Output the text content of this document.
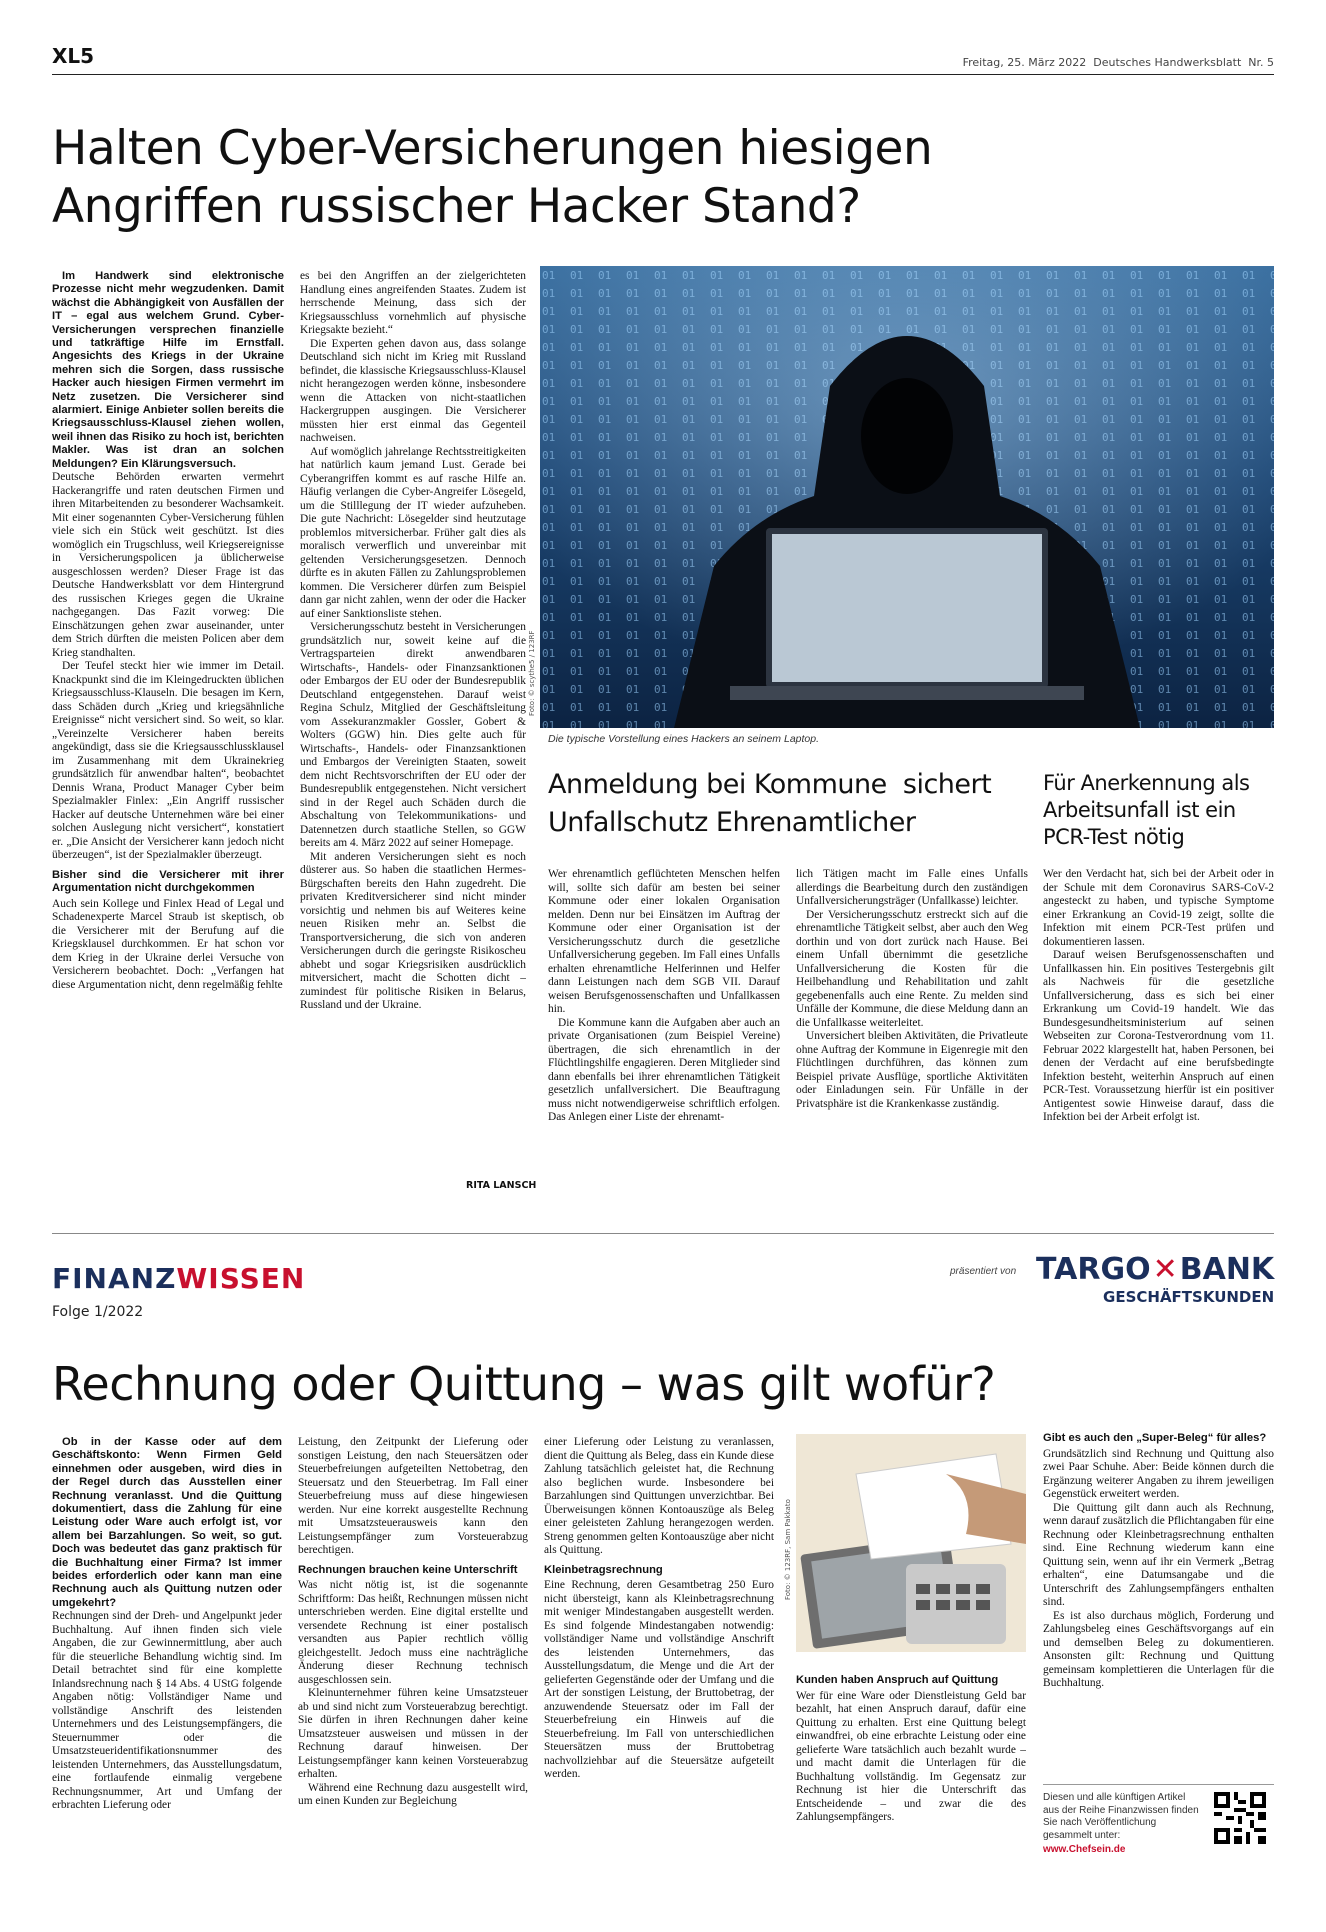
XL5	Freitag, 25. März 2022  Deutsches Handwerksblatt  Nr. 5
Halten Cyber-Versicherungen hiesigen
Angriffen russischer Hacker Stand?

Im Handwerk sind elektronische Prozesse nicht mehr wegzudenken. Damit wächst die Abhängigkeit von Ausfällen der IT – egal aus welchem Grund. Cyber-Versicherungen versprechen finanzielle und tatkräftige Hilfe im Ernstfall. Angesichts des Kriegs in der Ukraine mehren sich die Sorgen, dass russische Hacker auch hiesigen Firmen vermehrt im Netz zusetzen. Die Versicherer sind alarmiert. Einige Anbieter sollen bereits die Kriegsausschluss-Klausel ziehen wollen, weil ihnen das Risiko zu hoch ist, berichten Makler. Was ist dran an solchen Meldungen? Ein Klärungsversuch.

Deutsche Behörden erwarten vermehrt Hackerangriffe und raten deutschen Firmen und ihren Mitarbeitenden zu besonderer Wachsamkeit. Mit einer sogenannten Cyber-Versicherung fühlen viele sich ein Stück weit geschützt. Ist dies womöglich ein Trugschluss, weil Kriegsereignisse in Versicherungspolicen ja üblicherweise ausgeschlossen werden? Dieser Frage ist das Deutsche Handwerksblatt vor dem Hintergrund des russischen Krieges gegen die Ukraine nachgegangen. Das Fazit vorweg: Die Einschätzungen gehen zwar auseinander, unter dem Strich dürften die meisten Policen aber dem Krieg standhalten.

Der Teufel steckt hier wie immer im Detail. Knackpunkt sind die im Kleingedruckten üblichen Kriegsausschluss-Klauseln. Die besagen im Kern, dass Schäden durch „Krieg und kriegsähnliche Ereignisse“ nicht versichert sind. So weit, so klar. „Vereinzelte Versicherer haben bereits angekündigt, dass sie die Kriegsausschlussklausel im Zusammenhang mit dem Ukrainekrieg grundsätzlich für anwendbar halten“, beobachtet Dennis Wrana, Product Manager Cyber beim Spezialmakler Finlex: „Ein Angriff russischer Hacker auf deutsche Unternehmen wäre bei einer solchen Auslegung nicht versichert“, konstatiert er. „Die Ansicht der Versicherer kann jedoch nicht überzeugen“, ist der Spezialmakler überzeugt.

Bisher sind die Versicherer mit ihrer Argumentation nicht durchgekommen

Auch sein Kollege und Finlex Head of Legal und Schadenexperte Marcel Straub ist skeptisch, ob die Versicherer mit der Berufung auf die Kriegsklausel durchkommen. Er hat schon vor dem Krieg in der Ukraine derlei Versuche von Versicherern beobachtet. Doch: „Verfangen hat diese Argumentation nicht, denn regelmäßig fehlte

es bei den Angriffen an der zielgerichteten Handlung eines angreifenden Staates. Zudem ist herrschende Meinung, dass sich der Kriegsausschluss vornehmlich auf physische Kriegsakte bezieht.“

Die Experten gehen davon aus, dass solange Deutschland sich nicht im Krieg mit Russland befindet, die klassische Kriegsausschluss-Klausel nicht herangezogen werden könne, insbesondere wenn die Attacken von nicht-staatlichen Hackergruppen ausgingen. Die Versicherer müssten hier erst einmal das Gegenteil nachweisen.

Auf womöglich jahrelange Rechtsstreitigkeiten hat natürlich kaum jemand Lust. Gerade bei Cyberangriffen kommt es auf rasche Hilfe an. Häufig verlangen die Cyber-Angreifer Lösegeld, um die Stilllegung der IT wieder aufzuheben. Die gute Nachricht: Lösegelder sind heutzutage problemlos mitversicherbar. Früher galt dies als moralisch verwerflich und unvereinbar mit geltenden Versicherungsgesetzen. Dennoch dürfte es in akuten Fällen zu Zahlungsproblemen kommen. Die Versicherer dürfen zum Beispiel dann gar nicht zahlen, wenn der oder die Hacker auf einer Sanktionsliste stehen.

Versicherungsschutz besteht in Versicherungen grundsätzlich nur, soweit keine auf die Vertragsparteien direkt anwendbaren Wirtschafts-, Handels- oder Finanzsanktionen oder Embargos der EU oder der Bundesrepublik Deutschland entgegenstehen. Darauf weist Regina Schulz, Mitglied der Geschäftsleitung vom Assekuranzmakler Gossler, Gobert & Wolters (GGW) hin. Dies gelte auch für Wirtschafts-, Handels- oder Finanzsanktionen und Embargos der Vereinigten Staaten, soweit dem nicht Rechtsvorschriften der EU oder der Bundesrepublik entgegenstehen. Nicht versichert sind in der Regel auch Schäden durch die Abschaltung von Telekommunikations- und Datennetzen durch staatliche Stellen, so GGW bereits am 4. März 2022 auf seiner Homepage.

Mit anderen Versicherungen sieht es noch düsterer aus. So haben die staatlichen Hermes-Bürgschaften bereits den Hahn zugedreht. Die privaten Kreditversicherer sind nicht minder vorsichtig und nehmen bis auf Weiteres keine neuen Risiken mehr an. Selbst die Transportversicherung, die sich von anderen Versicherungen durch die geringste Risikoscheu abhebt und sogar Kriegsrisiken ausdrücklich mitversichert, macht die Schotten dicht – zumindest für politische Risiken in Belarus, Russland und der Ukraine.

RITA LANSCH
Foto: © scythe5 / 123RF
Die typische Vorstellung eines Hackers an seinem Laptop.
Anmeldung bei Kommune  sichert
Unfallschutz Ehrenamtlicher

Wer ehrenamtlich geflüchteten Menschen helfen will, sollte sich dafür am besten bei seiner Kommune oder einer lokalen Organisation melden. Denn nur bei Einsätzen im Auftrag der Kommune oder einer Organisation ist der Versicherungsschutz durch die gesetzliche Unfallversicherung gegeben. Im Fall eines Unfalls erhalten ehrenamtliche Helferinnen und Helfer dann Leistungen nach dem SGB VII. Darauf weisen Berufsgenossenschaften und Unfallkassen hin.

Die Kommune kann die Aufgaben aber auch an private Organisationen (zum Beispiel Vereine) übertragen, die sich ehrenamtlich in der Flüchtlingshilfe engagieren. Deren Mitglieder sind dann ebenfalls bei ihrer ehrenamtlichen Tätigkeit gesetzlich unfallversichert. Die Beauftragung muss nicht notwendigerweise schriftlich erfolgen. Das Anlegen einer Liste der ehrenamt-

lich Tätigen macht im Falle eines Unfalls allerdings die Bearbeitung durch den zuständigen Unfallversicherungsträger (Unfallkasse) leichter.

Der Versicherungsschutz erstreckt sich auf die ehrenamtliche Tätigkeit selbst, aber auch den Weg dorthin und von dort zurück nach Hause. Bei einem Unfall übernimmt die gesetzliche Unfallversicherung die Kosten für die Heilbehandlung und Rehabilitation und zahlt gegebenenfalls auch eine Rente. Zu melden sind Unfälle der Kommune, die diese Meldung dann an die Unfallkasse weiterleitet.

Unversichert bleiben Aktivitäten, die Privatleute ohne Auftrag der Kommune in Eigenregie mit den Flüchtlingen durchführen, das können zum Beispiel private Ausflüge, sportliche Aktivitäten oder Einladungen sein. Für Unfälle in der Privatsphäre ist die Krankenkasse zuständig.

Für Anerkennung als
Arbeitsunfall ist ein
PCR-Test nötig

Wer den Verdacht hat, sich bei der Arbeit oder in der Schule mit dem Coronavirus SARS-CoV-2 angesteckt zu haben, und typische Symptome einer Erkrankung an Covid-19 zeigt, sollte die Infektion mit einem PCR-Test prüfen und dokumentieren lassen.

Darauf weisen Berufsgenossenschaften und Unfallkassen hin. Ein positives Testergebnis gilt als Nachweis für die gesetzliche Unfallversicherung, dass es sich bei einer Erkrankung um Covid-19 handelt. Wie das Bundesgesundheitsministerium auf seinen Webseiten zur Corona-Testverordnung vom 11. Februar 2022 klargestellt hat, haben Personen, bei denen der Verdacht auf eine berufsbedingte Infektion besteht, weiterhin Anspruch auf einen PCR-Test. Voraussetzung hierfür ist ein positiver Antigentest sowie Hinweise darauf, dass die Infektion bei der Arbeit erfolgt ist.

FINANZWISSEN
Folge 1/2022
präsentiert von TARGO✕BANK
GESCHÄFTSKUNDEN
Rechnung oder Quittung – was gilt wofür?

Ob in der Kasse oder auf dem Geschäftskonto: Wenn Firmen Geld einnehmen oder ausgeben, wird dies in der Regel durch das Ausstellen einer Rechnung veranlasst. Und die Quittung dokumentiert, dass die Zahlung für eine Leistung oder Ware auch erfolgt ist, vor allem bei Barzahlungen. So weit, so gut. Doch was bedeutet das ganz praktisch für die Buchhaltung einer Firma? Ist immer beides erforderlich oder kann man eine Rechnung auch als Quittung nutzen oder umgekehrt?

Rechnungen sind der Dreh- und Angelpunkt jeder Buchhaltung. Auf ihnen finden sich viele Angaben, die zur Gewinnermittlung, aber auch für die steuerliche Behandlung wichtig sind. Im Detail betrachtet sind für eine komplette Inlandsrechnung nach § 14 Abs. 4 UStG folgende Angaben nötig: Vollständiger Name und vollständige Anschrift des leistenden Unternehmers und des Leistungsempfängers, die Steuernummer oder die Umsatzsteueridentifikationsnummer des leistenden Unternehmers, das Ausstellungsdatum, eine fortlaufende einmalig vergebene Rechnungsnummer, Art und Umfang der erbrachten Lieferung oder

Leistung, den Zeitpunkt der Lieferung oder sonstigen Leistung, den nach Steuersätzen oder Steuerbefreiungen aufgeteilten Nettobetrag, den Steuersatz und den Steuerbetrag. Im Fall einer Steuerbefreiung muss auf diese hingewiesen werden. Nur eine korrekt ausgestellte Rechnung mit Umsatzsteuerausweis kann den Leistungsempfänger zum Vorsteuerabzug berechtigen.

Rechnungen brauchen keine Unterschrift

Was nicht nötig ist, ist die sogenannte Schriftform: Das heißt, Rechnungen müssen nicht unterschrieben werden. Eine digital erstellte und versendete Rechnung ist einer postalisch versandten aus Papier rechtlich völlig gleichgestellt. Jedoch muss eine nachträgliche Änderung dieser Rechnung technisch ausgeschlossen sein.

Kleinunternehmer führen keine Umsatzsteuer ab und sind nicht zum Vorsteuerabzug berechtigt. Sie dürfen in ihren Rechnungen daher keine Umsatzsteuer ausweisen und müssen in der Rechnung darauf hinweisen. Der Leistungsempfänger kann keinen Vorsteuerabzug erhalten.

Während eine Rechnung dazu ausgestellt wird, um einen Kunden zur Begleichung

einer Lieferung oder Leistung zu veranlassen, dient die Quittung als Beleg, dass ein Kunde diese Zahlung tatsächlich geleistet hat, die Rechnung also beglichen wurde. Insbesondere bei Barzahlungen sind Quittungen unverzichtbar. Bei Überweisungen können Kontoauszüge als Beleg einer geleisteten Zahlung herangezogen werden. Streng genommen gelten Kontoauszüge aber nicht als Quittung.

Kleinbetragsrechnung

Eine Rechnung, deren Gesamtbetrag 250 Euro nicht übersteigt, kann als Kleinbetragsrechnung mit weniger Mindestangaben ausgestellt werden. Es sind folgende Mindestangaben notwendig: vollständiger Name und vollständige Anschrift des leistenden Unternehmers, das Ausstellungsdatum, die Menge und die Art der gelieferten Gegenstände oder der Umfang und die Art der sonstigen Leistung, der Bruttobetrag, der anzuwendende Steuersatz oder im Fall der Steuerbefreiung ein Hinweis auf die Steuerbefreiung. Im Fall von unterschiedlichen Steuersätzen muss der Bruttobetrag nachvollziehbar auf die Steuersätze aufgeteilt werden.

Foto: © 123RF, Sam Pakkato
Kunden haben Anspruch auf Quittung

Wer für eine Ware oder Dienstleistung Geld bar bezahlt, hat einen Anspruch darauf, dafür eine Quittung zu erhalten. Erst eine Quittung belegt einwandfrei, ob eine erbrachte Leistung oder eine gelieferte Ware tatsächlich auch bezahlt wurde – und macht damit die Unterlagen für die Buchhaltung vollständig. Im Gegensatz zur Rechnung ist hier die Unterschrift das Entscheidende – und zwar die des Zahlungsempfängers.

Gibt es auch den „Super-Beleg“ für alles?

Grundsätzlich sind Rechnung und Quittung also zwei Paar Schuhe. Aber: Beide können durch die Ergänzung weiterer Angaben zu ihrem jeweiligen Gegenstück erweitert werden.

Die Quittung gilt dann auch als Rechnung, wenn darauf zusätzlich die Pflichtangaben für eine Rechnung oder Kleinbetragsrechnung enthalten sind. Eine Rechnung wiederum kann eine Quittung sein, wenn auf ihr ein Vermerk „Betrag erhalten“, eine Datumsangabe und die Unterschrift des Zahlungsempfängers enthalten sind.

Es ist also durchaus möglich, Forderung und Zahlungsbeleg eines Geschäftsvorgangs auf ein und demselben Beleg zu dokumentieren. Ansonsten gilt: Rechnung und Quittung gemeinsam komplettieren die Unterlagen für die Buchhaltung.

Diesen und alle künftigen Artikel aus der Reihe Finanzwissen finden Sie nach Veröffentlichung gesammelt unter:
www.Chefsein.de
